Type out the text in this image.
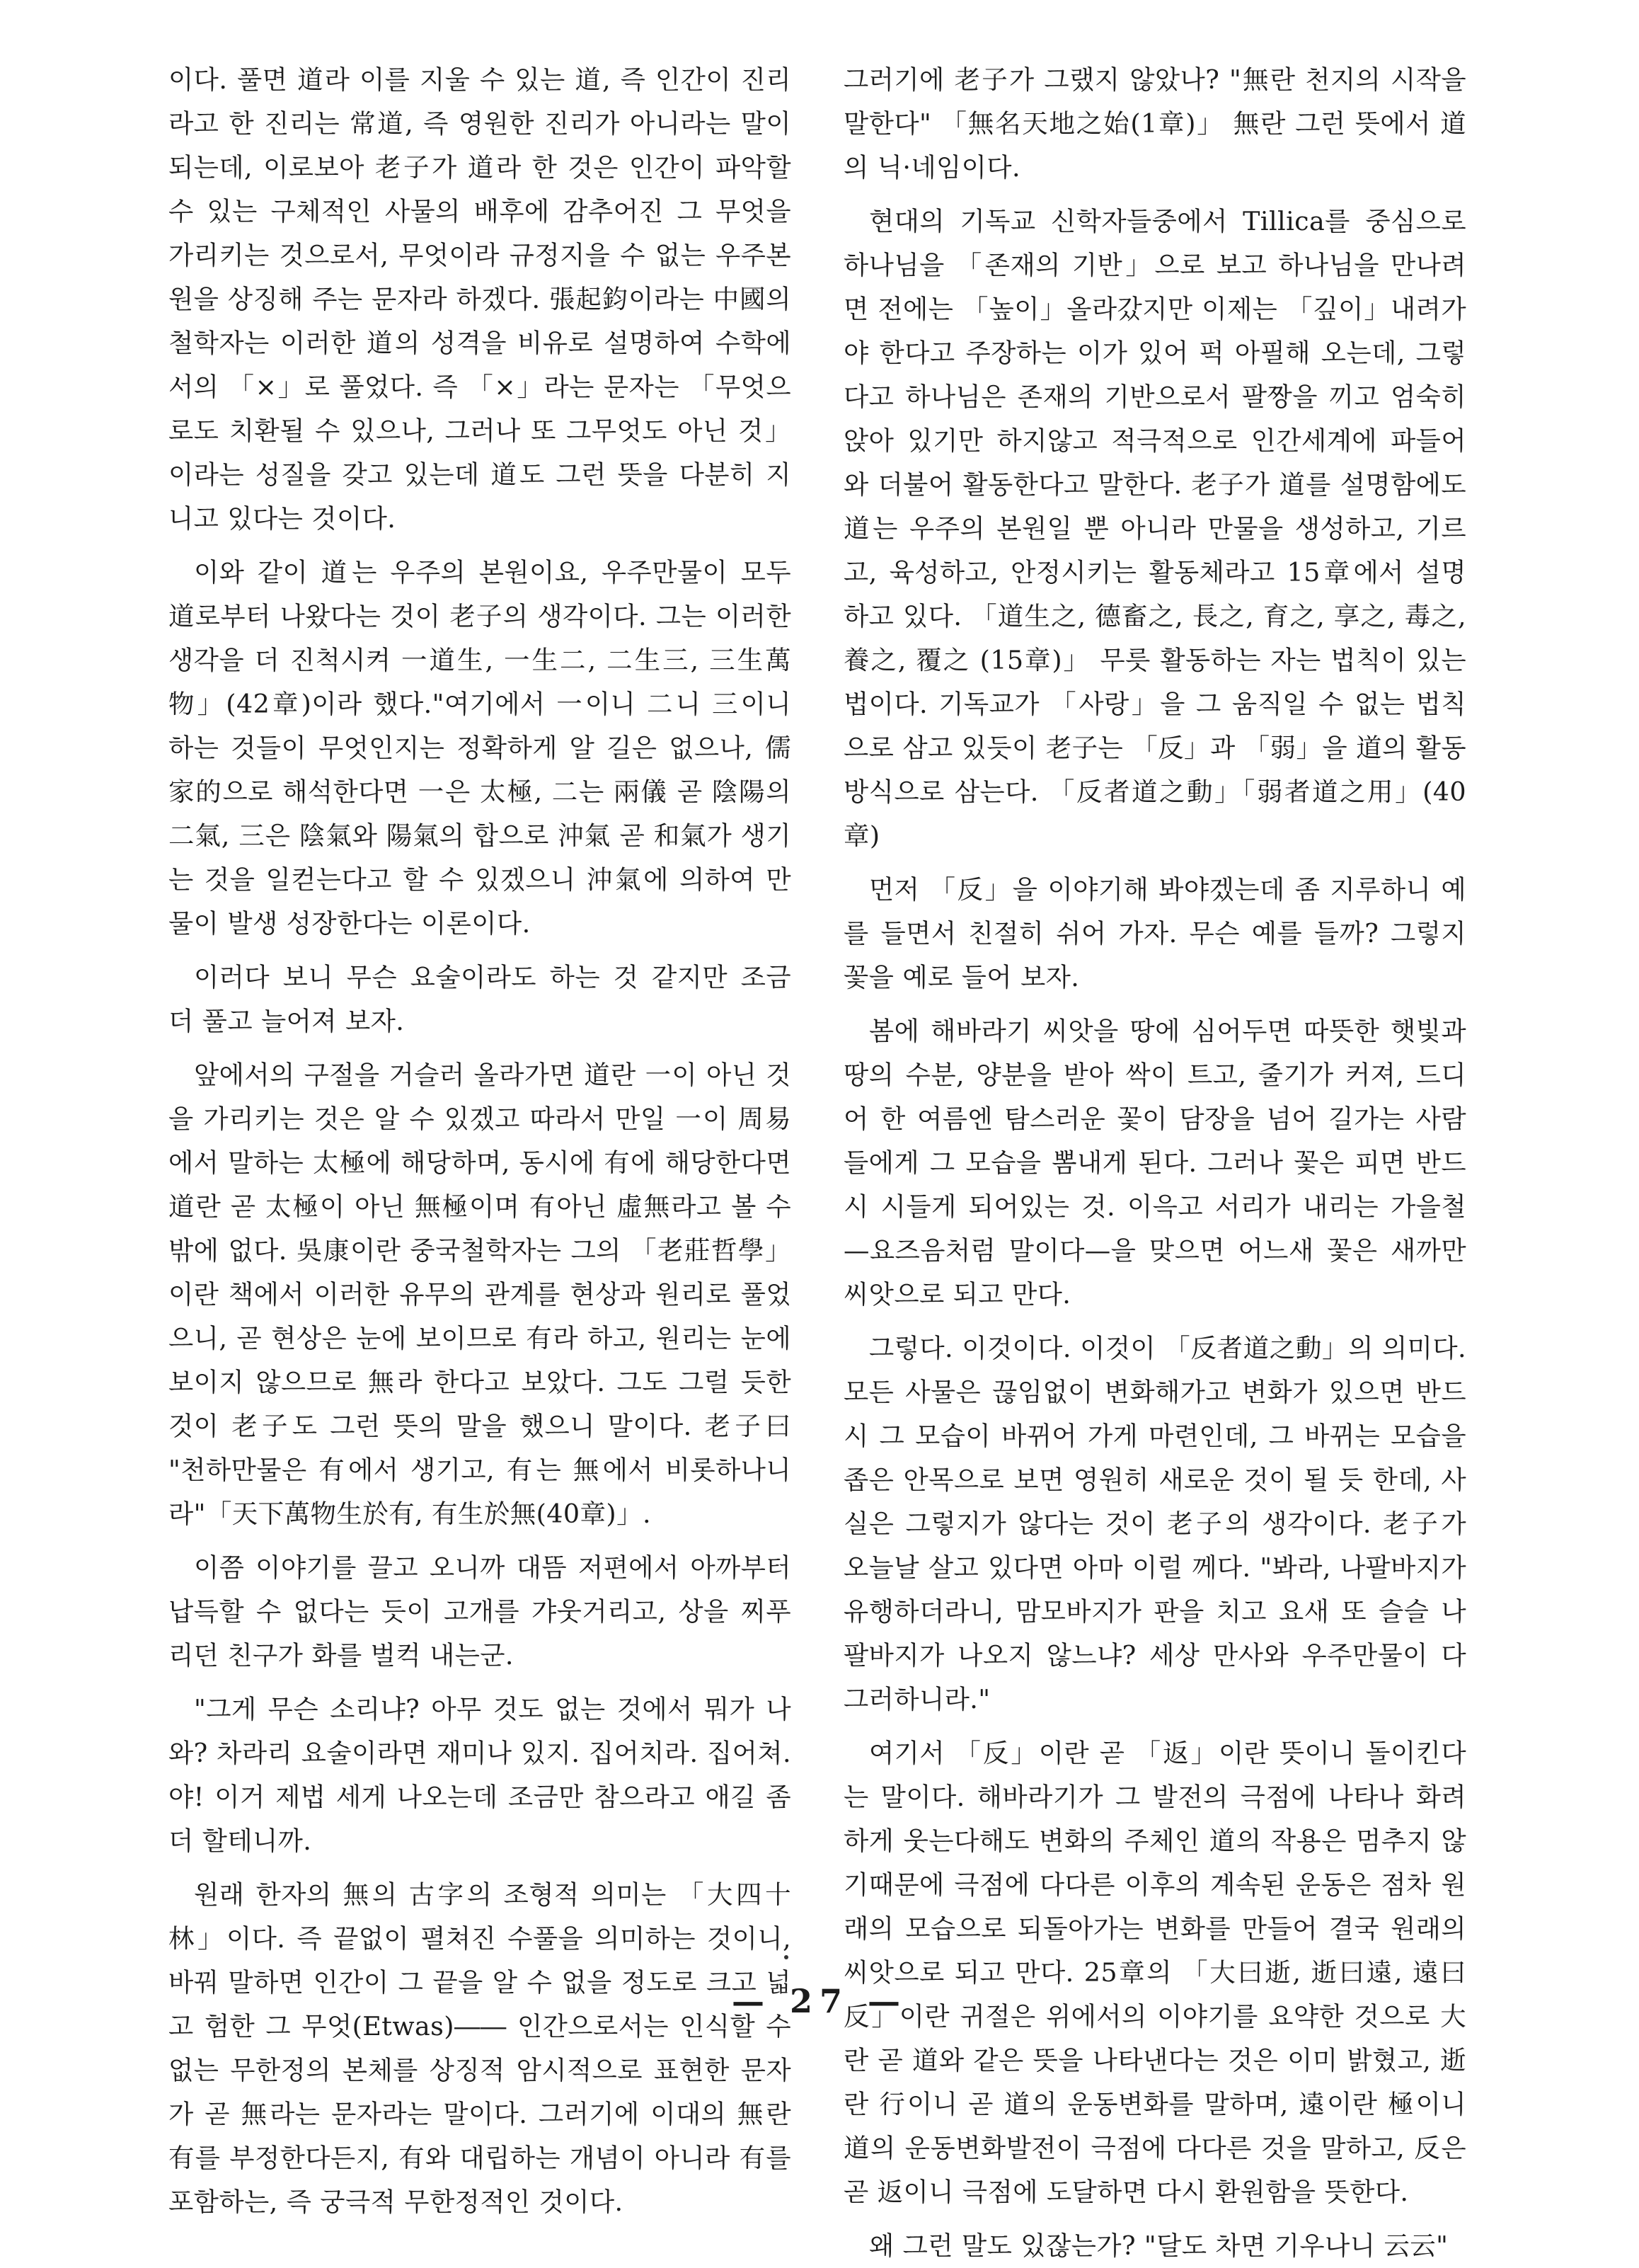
이다. 풀면 道라 이를 지울 수 있는 道, 즉 인간이 진리라고 한 진리는 常道, 즉 영원한 진리가 아니라는 말이 되는데, 이로보아 老子가 道라 한 것은 인간이 파악할 수 있는 구체적인 사물의 배후에 감추어진 그 무엇을 가리키는 것으로서, 무엇이라 규정지을 수 없는 우주본원을 상징해 주는 문자라 하겠다. 張起鈞이라는 中國의 철학자는 이러한 道의 성격을 비유로 설명하여 수학에서의 「×」로 풀었다. 즉 「×」라는 문자는 「무엇으로도 치환될 수 있으나, 그러나 또 그무엇도 아닌 것」 이라는 성질을 갖고 있는데 道도 그런 뜻을 다분히 지니고 있다는 것이다.

이와 같이 道는 우주의 본원이요, 우주만물이 모두 道로부터 나왔다는 것이 老子의 생각이다. 그는 이러한 생각을 더 진척시켜 一道生, 一生二, 二生三, 三生萬物」(42章)이라 했다."여기에서 一이니 二니 三이니 하는 것들이 무엇인지는 정확하게 알 길은 없으나, 儒家的으로 해석한다면 一은 太極, 二는 兩儀 곧 陰陽의 二氣, 三은 陰氣와 陽氣의 합으로 沖氣 곧 和氣가 생기는 것을 일컫는다고 할 수 있겠으니 沖氣에 의하여 만물이 발생 성장한다는 이론이다.

이러다 보니 무슨 요술이라도 하는 것 같지만 조금 더 풀고 늘어져 보자.

앞에서의 구절을 거슬러 올라가면 道란 一이 아닌 것을 가리키는 것은 알 수 있겠고 따라서 만일 一이 周易에서 말하는 太極에 해당하며, 동시에 有에 해당한다면 道란 곧 太極이 아닌 無極이며 有아닌 虛無라고 볼 수 밖에 없다. 吳康이란 중국철학자는 그의 「老莊哲學」이란 책에서 이러한 유무의 관계를 현상과 원리로 풀었으니, 곧 현상은 눈에 보이므로 有라 하고, 원리는 눈에 보이지 않으므로 無라 한다고 보았다. 그도 그럴 듯한 것이 老子도 그런 뜻의 말을 했으니 말이다. 老子曰 "천하만물은 有에서 생기고, 有는 無에서 비롯하나니라"「天下萬物生於有, 有生於無(40章)」.

이쯤 이야기를 끌고 오니까 대뜸 저편에서 아까부터 납득할 수 없다는 듯이 고개를 갸웃거리고, 상을 찌푸리던 친구가 화를 벌컥 내는군.

"그게 무슨 소리냐? 아무 것도 없는 것에서 뭐가 나와? 차라리 요술이라면 재미나 있지. 집어치라. 집어쳐. 야! 이거 제법 세게 나오는데 조금만 참으라고 애길 좀더 할테니까.

원래 한자의 無의 古字의 조형적 의미는 「大四十林」이다. 즉 끝없이 펼쳐진 수풀을 의미하는 것이니, 바꿔 말하면 인간이 그 끝을 알 수 없을 정도로 크고 넓고 험한 그 무엇(Etwas)―― 인간으로서는 인식할 수 없는 무한정의 본체를 상징적 암시적으로 표현한 문자가 곧 無라는 문자라는 말이다. 그러기에 이대의 無란 有를 부정한다든지, 有와 대립하는 개념이 아니라 有를 포함하는, 즉 궁극적 무한정적인 것이다.

그러기에 老子가 그랬지 않았나? "無란 천지의 시작을 말한다" 「無名天地之始(1章)」 無란 그런 뜻에서 道의 닉·네임이다.

현대의 기독교 신학자들중에서 Tillica를 중심으로 하나님을 「존재의 기반」으로 보고 하나님을 만나려면 전에는 「높이」올라갔지만 이제는 「깊이」내려가야 한다고 주장하는 이가 있어 퍽 아필해 오는데, 그렇다고 하나님은 존재의 기반으로서 팔짱을 끼고 엄숙히 앉아 있기만 하지않고 적극적으로 인간세계에 파들어 와 더불어 활동한다고 말한다. 老子가 道를 설명함에도 道는 우주의 본원일 뿐 아니라 만물을 생성하고, 기르고, 육성하고, 안정시키는 활동체라고 15章에서 설명하고 있다. 「道生之, 德畜之, 長之, 育之, 享之, 毒之, 養之, 覆之 (15章)」 무릇 활동하는 자는 법칙이 있는 법이다. 기독교가 「사랑」을 그 움직일 수 없는 법칙으로 삼고 있듯이 老子는 「反」과 「弱」을 道의 활동방식으로 삼는다. 「反者道之動」「弱者道之用」(40章)

먼저 「反」을 이야기해 봐야겠는데 좀 지루하니 예를 들면서 친절히 쉬어 가자. 무슨 예를 들까? 그렇지 꽃을 예로 들어 보자.

봄에 해바라기 씨앗을 땅에 심어두면 따뜻한 햇빛과 땅의 수분, 양분을 받아 싹이 트고, 줄기가 커져, 드디어 한 여름엔 탐스러운 꽃이 담장을 넘어 길가는 사람들에게 그 모습을 뽐내게 된다. 그러나 꽃은 피면 반드시 시들게 되어있는 것. 이윽고 서리가 내리는 가을철—요즈음처럼 말이다—을 맞으면 어느새 꽃은 새까만 씨앗으로 되고 만다.

그렇다. 이것이다. 이것이 「反者道之動」의 의미다. 모든 사물은 끊임없이 변화해가고 변화가 있으면 반드시 그 모습이 바뀌어 가게 마련인데, 그 바뀌는 모습을 좁은 안목으로 보면 영원히 새로운 것이 될 듯 한데, 사실은 그렇지가 않다는 것이 老子의 생각이다. 老子가 오늘날 살고 있다면 아마 이럴 께다. "봐라, 나팔바지가 유행하더라니, 맘모바지가 판을 치고 요새 또 슬슬 나팔바지가 나오지 않느냐? 세상 만사와 우주만물이 다 그러하니라."

여기서 「反」이란 곧 「返」이란 뜻이니 돌이킨다는 말이다. 해바라기가 그 발전의 극점에 나타나 화려하게 웃는다해도 변화의 주체인 道의 작용은 멈추지 않기때문에 극점에 다다른 이후의 계속된 운동은 점차 원래의 모습으로 되돌아가는 변화를 만들어 결국 원래의 씨앗으로 되고 만다. 25章의 「大曰逝, 逝曰遠, 遠曰反」이란 귀절은 위에서의 이야기를 요약한 것으로 大란 곧 道와 같은 뜻을 나타낸다는 것은 이미 밝혔고, 逝란 行이니 곧 道의 운동변화를 말하며, 遠이란 極이니 道의 운동변화발전이 극점에 다다른 것을 말하고, 反은 곧 返이니 극점에 도달하면 다시 환원함을 뜻한다.

왜 그런 말도 있잖는가? "달도 차면 기우나니 云云"

— 27 —
